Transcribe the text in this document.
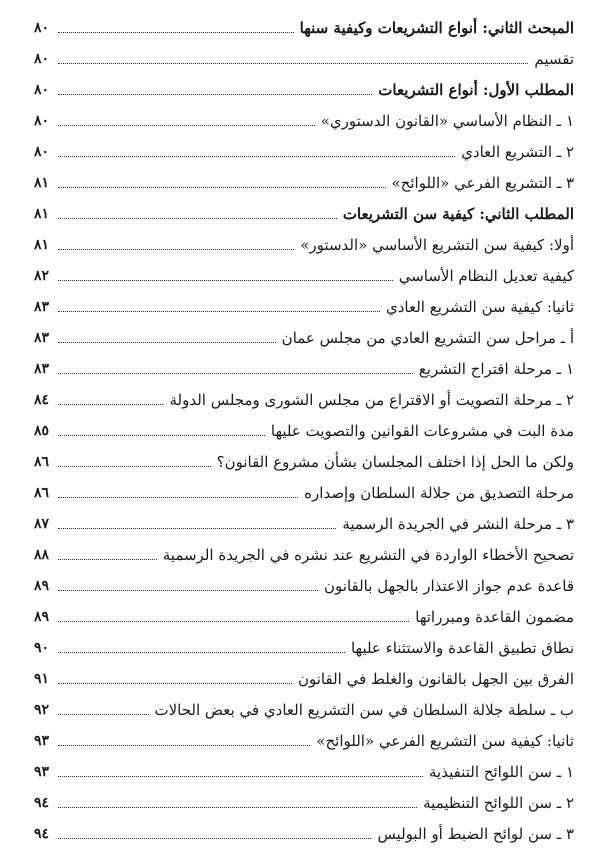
المبحث الثاني: أنواع التشريعات وكيفية سنها
٨٠
تقسيم
٨٠
المطلب الأول: أنواع التشريعات
٨٠
١ ـ النظام الأساسي «القانون الدستوري»
٨٠
٢ ـ التشريع العادي
٨٠
٣ ـ التشريع الفرعي «اللوائح»
٨١
المطلب الثاني: كيفية سن التشريعات
٨١
أولا: كيفية سن التشريع الأساسي «الدستور»
٨١
كيفية تعديل النظام الأساسي
٨٢
ثانيا: كيفية سن التشريع العادي
٨٣
أ ـ مراحل سن التشريع العادي من مجلس عمان
٨٣
١ ـ مرحلة اقتراح التشريع
٨٣
٢ ـ مرحلة التصويت أو الاقتراع من مجلس الشورى ومجلس الدولة
٨٤
مدة البت في مشروعات القوانين والتصويت عليها
٨٥
ولكن ما الحل إذا اختلف المجلسان بشأن مشروع القانون؟
٨٦
مرحلة التصديق من جلالة السلطان وإصداره
٨٦
٣ ـ مرحلة النشر في الجريدة الرسمية
٨٧
تصحيح الأخطاء الواردة في التشريع عند نشره في الجريدة الرسمية
٨٨
قاعدة عدم جواز الاعتذار بالجهل بالقانون
٨٩
مضمون القاعدة ومبرراتها
٨٩
نطاق تطبيق القاعدة والاستثناء عليها
٩٠
الفرق بين الجهل بالقانون والغلط في القانون
٩١
ب ـ سلطة جلالة السلطان في سن التشريع العادي في بعض الحالات
٩٢
ثانيا: كيفية سن التشريع الفرعي «اللوائح»
٩٣
١ ـ سن اللوائح التنفيذية
٩٣
٢ ـ سن اللوائح التنظيمية
٩٤
٣ ـ سن لوائح الضبط أو البوليس
٩٤
